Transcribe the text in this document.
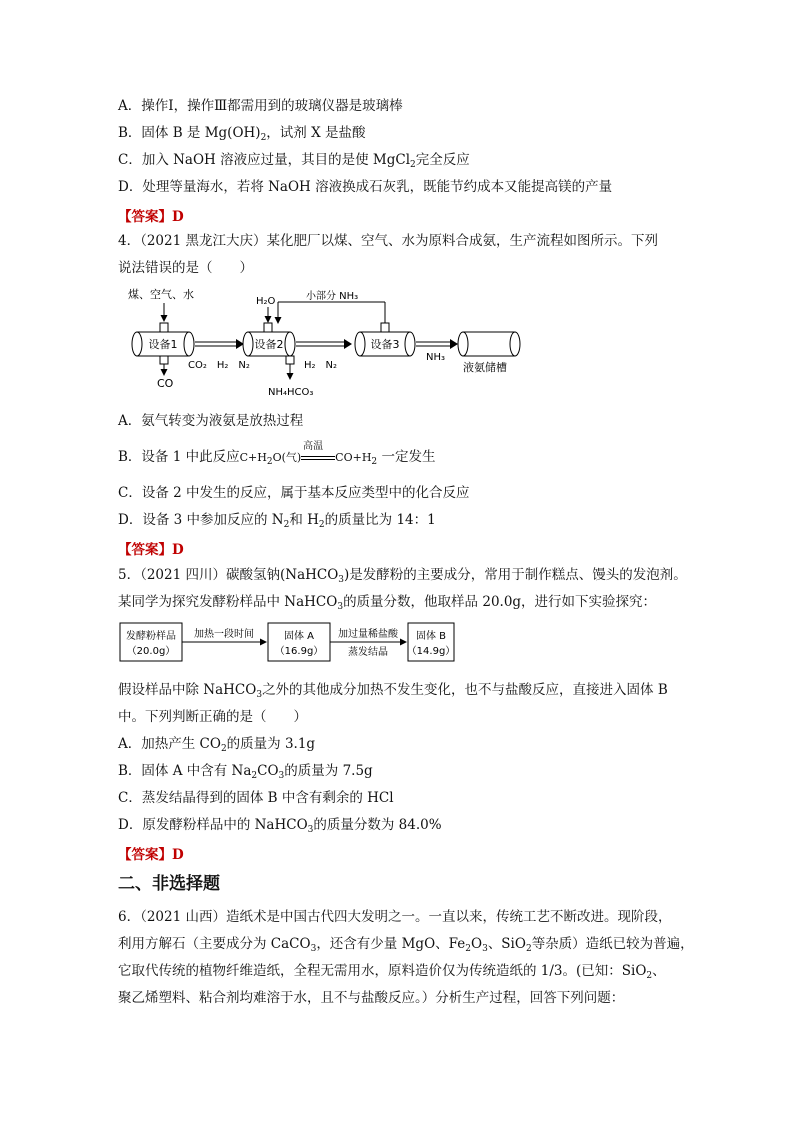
A．操作Ⅰ，操作Ⅲ都需用到的玻璃仪器是玻璃棒
B．固体 B 是 $Mg(OH)_2$，试剂 X 是盐酸
C．加入 NaOH 溶液应过量，其目的是使 MgCl$_2$完全反应
D．处理等量海水，若将 NaOH 溶液换成石灰乳，既能节约成本又能提高镁的产量
【答案】D
4．（2021 黑龙江大庆）某化肥厂以煤、空气、水为原料合成氨，生产流程如图所示。下列
说法错误的是（　　）
煤、空气、水
设备1
CO
CO₂　H₂　N₂
H₂O	小部分 NH₃
设备2
NH₄HCO₃
H₂　N₂
设备3
NH₃
液氨储槽
A．氨气转变为液氨是放热过程
B．设备 1 中此反应$C+H_2O$(气)
高温
$CO+H_2$ 一定发生
C．设备 2 中发生的反应，属于基本反应类型中的化合反应
D．设备 3 中参加反应的 $N_2$和 $H_2$的质量比为 14：1
【答案】D
5．（2021 四川）碳酸氢钠(NaHCO$_3$)是发酵粉的主要成分，常用于制作糕点、馒头的发泡剂。
某同学为探究发酵粉样品中 NaHCO$_3$的质量分数，他取样品 20.0g，进行如下实验探究：
发酵粉样品
（20.0g）
加热一段时间	固体 A
（16.9g）
加过量稀盐酸
蒸发结晶
固体 B
（14.9g）
假设样品中除 NaHCO$_3$之外的其他成分加热不发生变化，也不与盐酸反应，直接进入固体 B
中。下列判断正确的是（　　）
A．加热产生 $CO_2$的质量为 3.1g
B．固体 A 中含有 $Na_2CO_3$的质量为 7.5g
C．蒸发结晶得到的固体 B 中含有剩余的 HCl
D．原发酵粉样品中的 NaHCO$_3$的质量分数为 84.0%
【答案】D
二、非选择题
6．（2021 山西）造纸术是中国古代四大发明之一。一直以来，传统工艺不断改进。现阶段，
利用方解石（主要成分为 CaCO$_3$，还含有少量 MgO、$Fe_2O_3$、SiO$_2$等杂质）造纸已较为普遍，
它取代传统的植物纤维造纸，全程无需用水，原料造价仅为传统造纸的 1/3。(已知：SiO$_2$、
聚乙烯塑料、粘合剂均难溶于水，且不与盐酸反应。）分析生产过程，回答下列问题：
